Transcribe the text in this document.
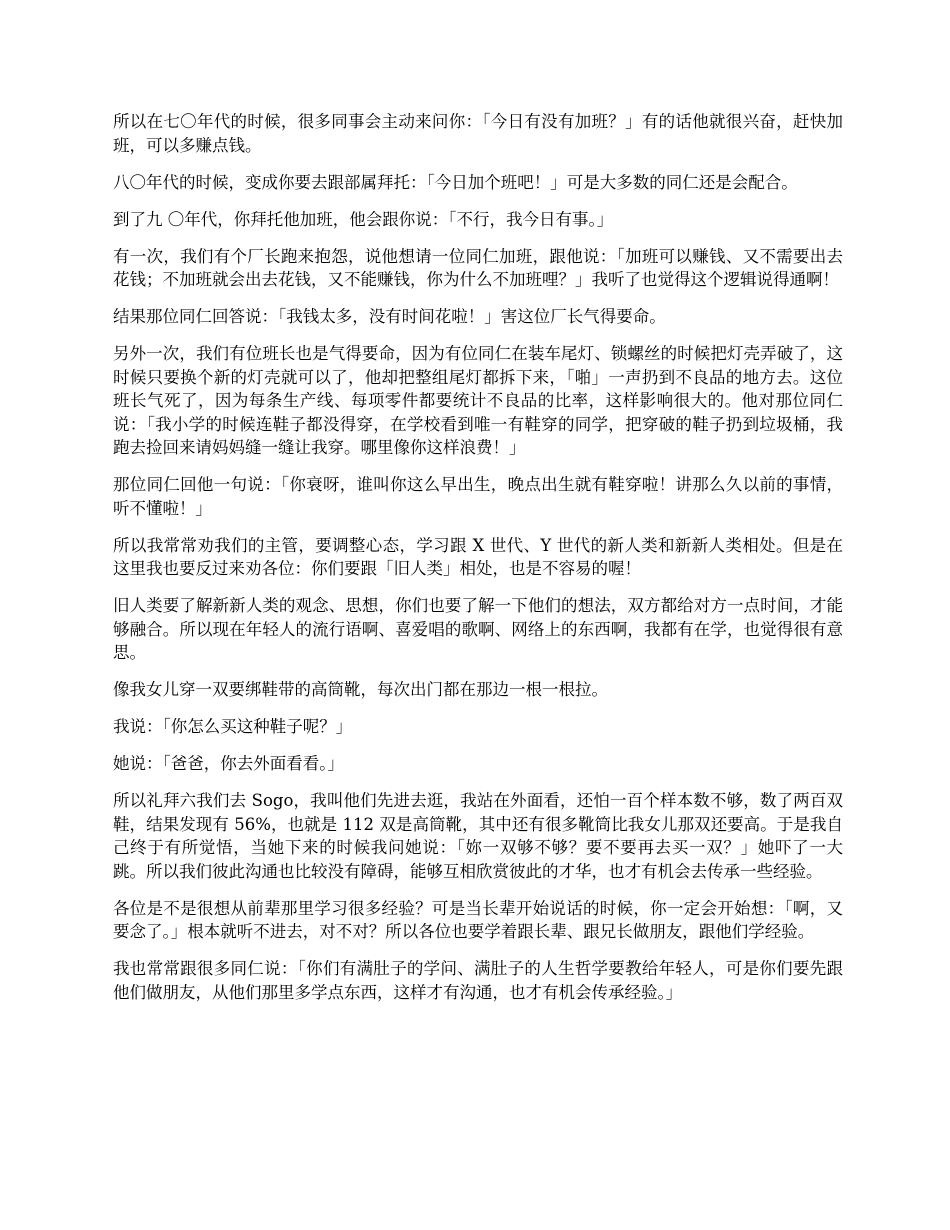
所以在七〇年代的时候，很多同事会主动来问你：「今日有没有加班？」有的话他就很兴奋，赶快加班，可以多赚点钱。

八〇年代的时候，变成你要去跟部属拜托：「今日加个班吧！」可是大多数的同仁还是会配合。

到了九 〇年代，你拜托他加班，他会跟你说：「不行，我今日有事。」

有一次，我们有个厂长跑来抱怨，说他想请一位同仁加班，跟他说：「加班可以赚钱、又不需要出去花钱；不加班就会出去花钱，又不能赚钱，你为什么不加班哩？」我听了也觉得这个逻辑说得通啊！

结果那位同仁回答说：「我钱太多，没有时间花啦！」害这位厂长气得要命。

另外一次，我们有位班长也是气得要命，因为有位同仁在装车尾灯、锁螺丝的时候把灯壳弄破了，这时候只要换个新的灯壳就可以了，他却把整组尾灯都拆下来，「啪」一声扔到不良品的地方去。这位班长气死了，因为每条生产线、每项零件都要统计不良品的比率，这样影响很大的。他对那位同仁说：「我小学的时候连鞋子都没得穿，在学校看到唯一有鞋穿的同学，把穿破的鞋子扔到垃圾桶，我跑去捡回来请妈妈缝一缝让我穿。哪里像你这样浪费！」

那位同仁回他一句说：「你衰呀，谁叫你这么早出生，晚点出生就有鞋穿啦！讲那么久以前的事情，听不懂啦！」

所以我常常劝我们的主管，要调整心态，学习跟 X 世代、Y 世代的新人类和新新人类相处。但是在这里我也要反过来劝各位：你们要跟「旧人类」相处，也是不容易的喔！

旧人类要了解新新人类的观念、思想，你们也要了解一下他们的想法，双方都给对方一点时间，才能够融合。所以现在年轻人的流行语啊、喜爱唱的歌啊、网络上的东西啊，我都有在学，也觉得很有意思。

像我女儿穿一双要绑鞋带的高筒靴，每次出门都在那边一根一根拉。

我说：「你怎么买这种鞋子呢？」

她说：「爸爸，你去外面看看。」

所以礼拜六我们去 Sogo，我叫他们先进去逛，我站在外面看，还怕一百个样本数不够，数了两百双鞋，结果发现有 56%，也就是 112 双是高筒靴，其中还有很多靴筒比我女儿那双还要高。于是我自己终于有所觉悟，当她下来的时候我问她说：「妳一双够不够？要不要再去买一双？」她吓了一大跳。所以我们彼此沟通也比较没有障碍，能够互相欣赏彼此的才华，也才有机会去传承一些经验。

各位是不是很想从前辈那里学习很多经验？可是当长辈开始说话的时候，你一定会开始想：「啊，又要念了。」根本就听不进去，对不对？所以各位也要学着跟长辈、跟兄长做朋友，跟他们学经验。

我也常常跟很多同仁说：「你们有满肚子的学问、满肚子的人生哲学要教给年轻人，可是你们要先跟他们做朋友，从他们那里多学点东西，这样才有沟通，也才有机会传承经验。」
